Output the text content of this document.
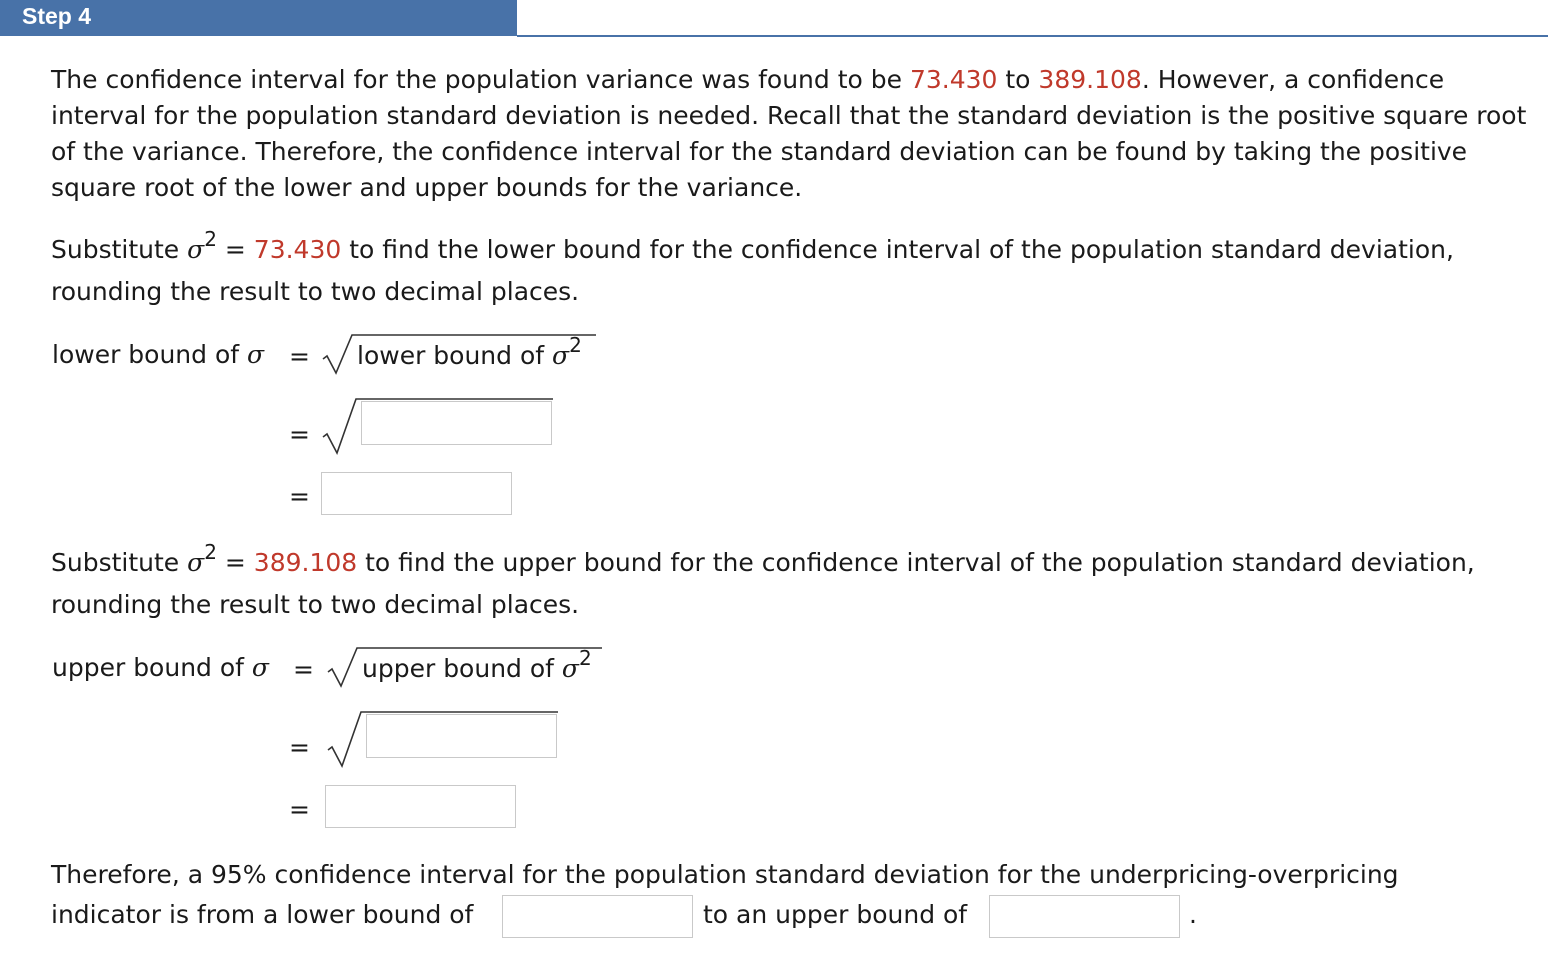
Step 4

The confidence interval for the population variance was found to be 73.430 to 389.108. However, a confidence interval for the population standard deviation is needed. Recall that the standard deviation is the positive square root of the variance. Therefore, the confidence interval for the standard deviation can be found by taking the positive square root of the lower and upper bounds for the variance.

Substitute $\sigma^2 = 73.430$ to find the lower bound for the confidence interval of the population standard deviation,
rounding the result to two decimal places.
lower bound of σ = lower bound of $\sigma^2$
=
=
Substitute $\sigma^2 = 389.108$ to find the upper bound for the confidence interval of the population standard deviation,
rounding the result to two decimal places.
upper bound of σ = upper bound of $\sigma^2$
=
=
Therefore, a 95% confidence interval for the population standard deviation for the underpricing-overpricing
indicator is from a lower bound of	to an upper bound of	.
